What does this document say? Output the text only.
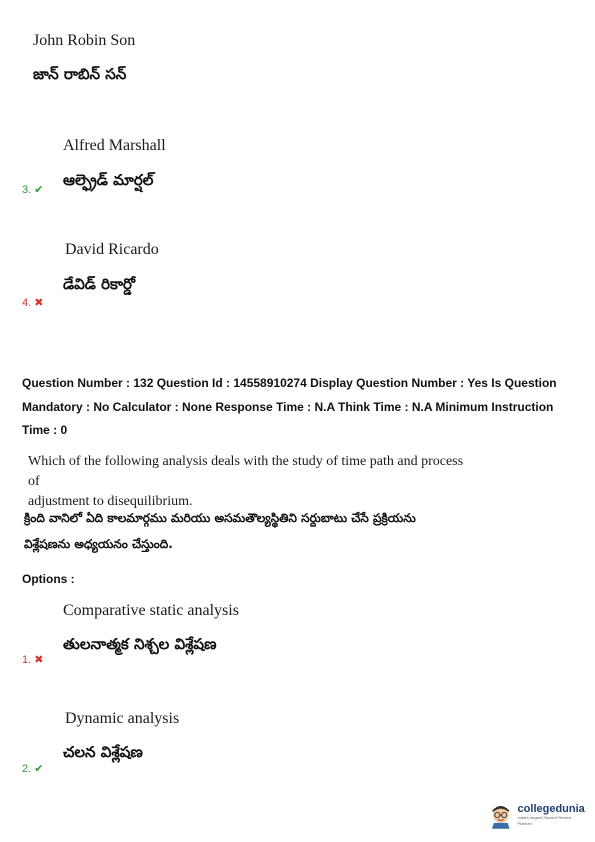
John Robin Son
జాన్ రాబిన్ సన్
Alfred Marshall
ఆల్ఫ్రెడ్ మార్షల్
3. ✔
David Ricardo
డేవిడ్ రికార్డో
4. ✖
Question Number : 132 Question Id : 14558910274 Display Question Number : Yes Is Question
Mandatory : No Calculator : None Response Time : N.A Think Time : N.A Minimum Instruction
Time : 0
Which of the following analysis deals with the study of time path and process of
adjustment to disequilibrium.
క్రింది వానిలో ఏది కాలమార్గము మరియు అసమతౌల్యస్థితిని సర్దుబాటు చేసే ప్రక్రియను
విశ్లేషణను అధ్యయనం చేస్తుంది.
Options :
Comparative static analysis
తులనాత్మక నిశ్చల విశ్లేషణ
1. ✖
Dynamic analysis
చలన విశ్లేషణ
2. ✔
collegedunia
India's largest Student Review Platform
